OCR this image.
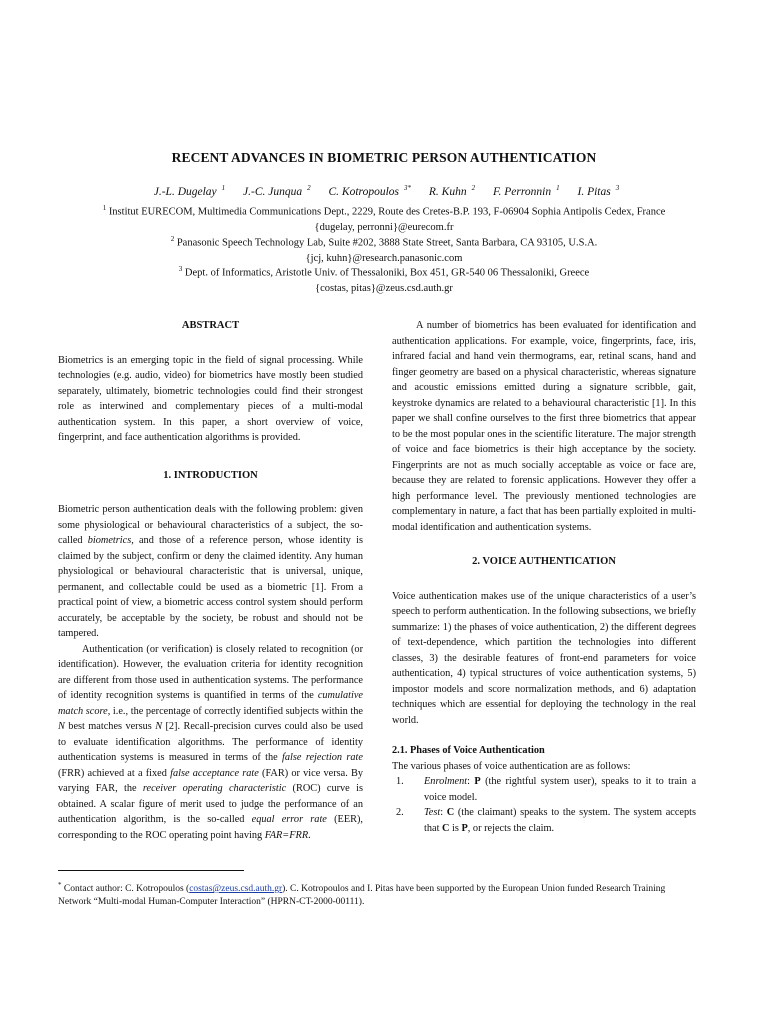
RECENT ADVANCES IN BIOMETRIC PERSON AUTHENTICATION
J.-L. Dugelay $^1$ J.-C. Junqua $^2$ C. Kotropoulos $^{3*}$ R. Kuhn $^2$ F. Perronnin $^1$ I. Pitas $^3$
$^1$ Institut EURECOM, Multimedia Communications Dept., 2229, Route des Cretes-B.P. 193, F-06904 Sophia Antipolis Cedex, France
{dugelay, perronni}@eurecom.fr
$^2$ Panasonic Speech Technology Lab, Suite #202, 3888 State Street, Santa Barbara, CA 93105, U.S.A.
{jcj, kuhn}@research.panasonic.com
$^3$ Dept. of Informatics, Aristotle Univ. of Thessaloniki, Box 451, GR-540 06 Thessaloniki, Greece
{costas, pitas}@zeus.csd.auth.gr

ABSTRACT

Biometrics is an emerging topic in the field of signal processing. While technologies (e.g. audio, video) for biometrics have mostly been studied separately, ultimately, biometric technologies could find their strongest role as interwined and complementary pieces of a multi-modal authentication system. In this paper, a short overview of voice, fingerprint, and face authentication algorithms is provided.

1. INTRODUCTION

Biometric person authentication deals with the following problem: given some physiological or behavioural characteristics of a subject, the so-called biometrics, and those of a reference person, whose identity is claimed by the subject, confirm or deny the claimed identity. Any human physiological or behavioural characteristic that is universal, unique, permanent, and collectable could be used as a biometric [1]. From a practical point of view, a biometric access control system should perform accurately, be acceptable by the society, be robust and should not be tampered.

Authentication (or verification) is closely related to recognition (or identification). However, the evaluation criteria for identity recognition are different from those used in authentication systems. The performance of identity recognition systems is quantified in terms of the cumulative match score, i.e., the percentage of correctly identified subjects within the N best matches versus N [2]. Recall-precision curves could also be used to evaluate identification algorithms. The performance of identity authentication systems is measured in terms of the false rejection rate (FRR) achieved at a fixed false acceptance rate (FAR) or vice versa. By varying FAR, the receiver operating characteristic (ROC) curve is obtained. A scalar figure of merit used to judge the performance of an authentication algorithm, is the so-called equal error rate (EER), corresponding to the ROC operating point having FAR=FRR.

A number of biometrics has been evaluated for identification and authentication applications. For example, voice, fingerprints, face, iris, infrared facial and hand vein thermograms, ear, retinal scans, hand and finger geometry are based on a physical characteristic, whereas signature and acoustic emissions emitted during a signature scribble, gait, keystroke dynamics are related to a behavioural characteristic [1]. In this paper we shall confine ourselves to the first three biometrics that appear to be the most popular ones in the scientific literature. The major strength of voice and face biometrics is their high acceptance by the society. Fingerprints are not as much socially acceptable as voice or face are, because they are related to forensic applications. However they offer a high performance level. The previously mentioned technologies are complementary in nature, a fact that has been partially exploited in multi-modal identification and authentication systems.

2. VOICE AUTHENTICATION

Voice authentication makes use of the unique characteristics of a user’s speech to perform authentication. In the following subsections, we briefly summarize: 1) the phases of voice authentication, 2) the different degrees of text-dependence, which partition the technologies into different classes, 3) the desirable features of front-end parameters for voice authentication, 4) typical structures of voice authentication systems, 5) impostor models and score normalization methods, and 6) adaptation techniques which are essential for deploying the technology in the real world.

2.1. Phases of Voice Authentication

The various phases of voice authentication are as follows:

1.	Enrolment: P (the rightful system user), speaks to it to train a voice model.
2.	Test: C (the claimant) speaks to the system. The system accepts that C is P, or rejects the claim.
* Contact author: C. Kotropoulos (costas@zeus.csd.auth.gr). C. Kotropoulos and I. Pitas have been supported by the European Union funded Research Training Network “Multi-modal Human-Computer Interaction” (HPRN-CT-2000-00111).
